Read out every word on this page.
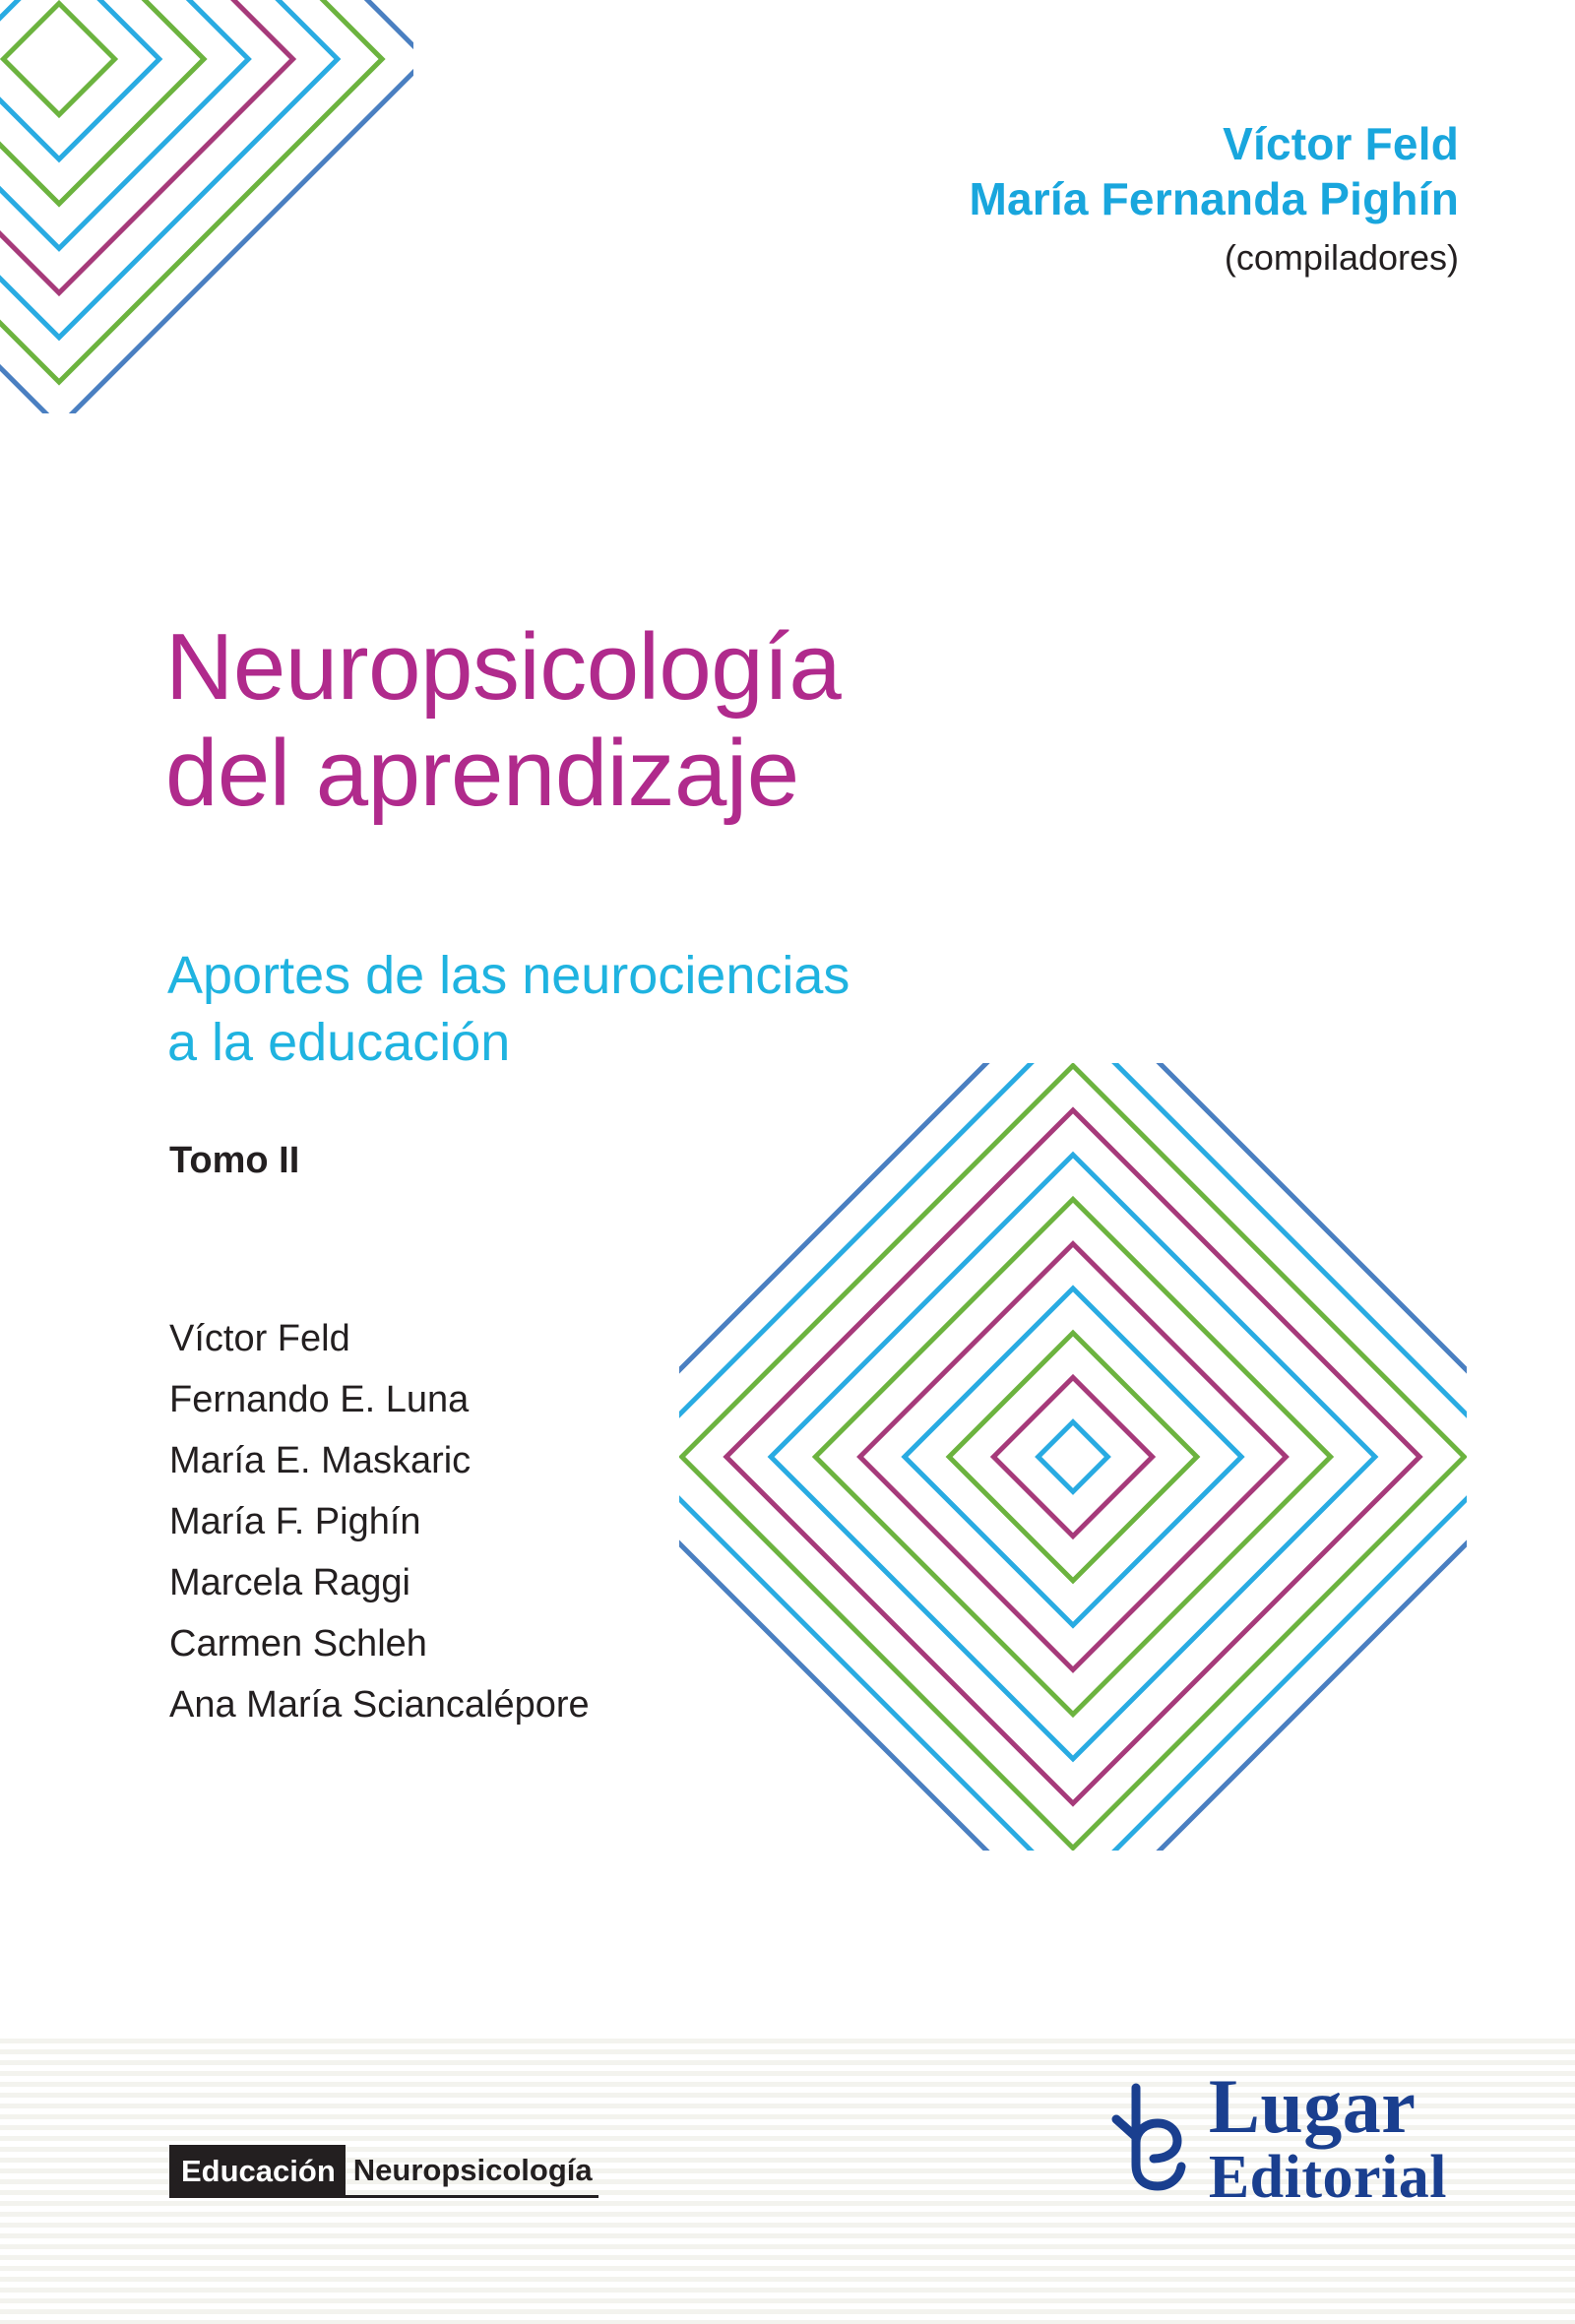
Víctor Feld
María Fernanda Pighín
(compiladores)
Neuropsicología
del aprendizaje
Aportes de las neurociencias
a la educación
Tomo II
Víctor Feld
Fernando E. Luna
María E. Maskaric
María F. Pighín
Marcela Raggi
Carmen Schleh
Ana María Sciancalépore
Educación Neuropsicología
Lugar
Editorial
